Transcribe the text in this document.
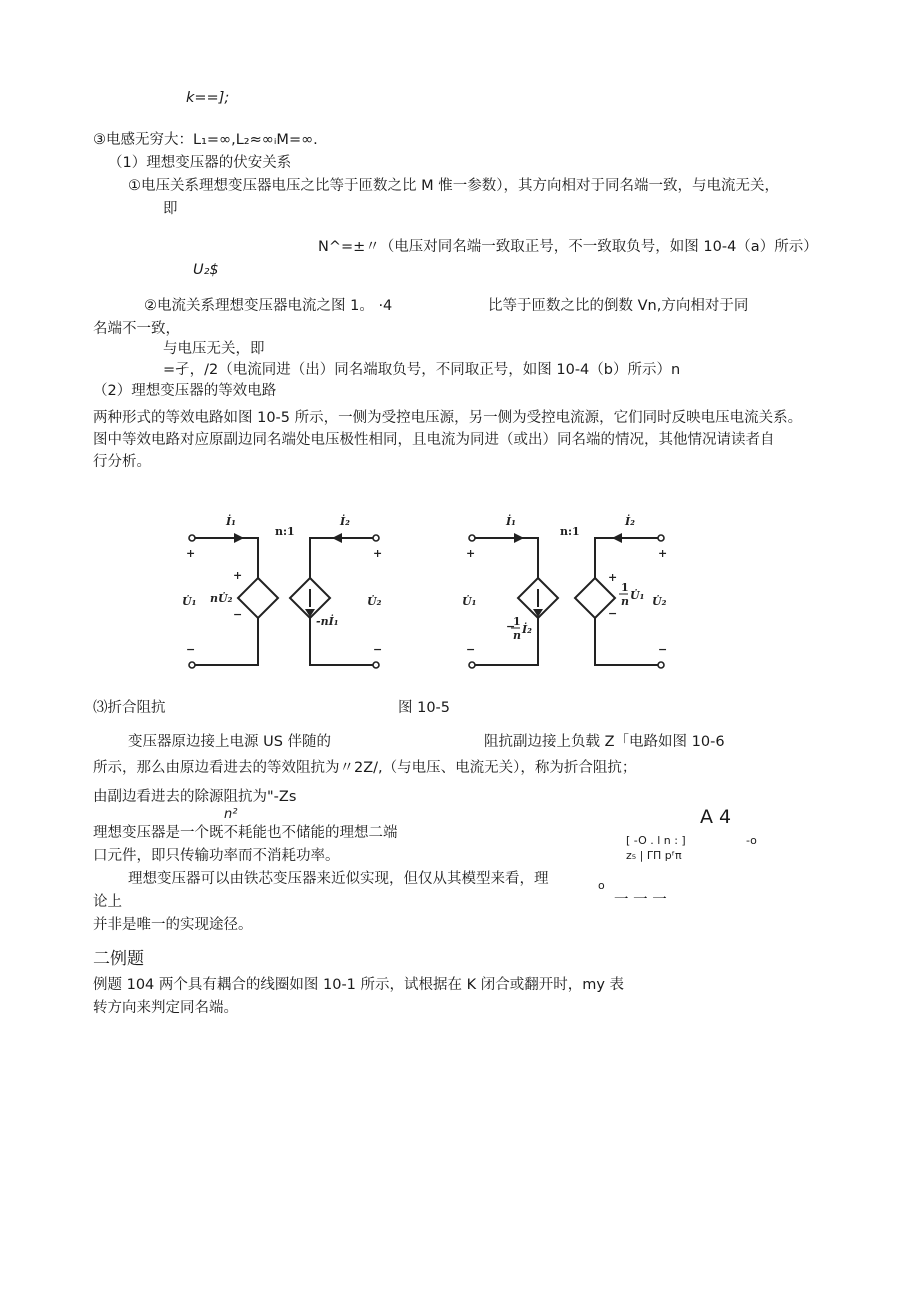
k==];
③电感无穷大：L₁=∞,L₂≈∞ᵢM=∞.
（1）理想变压器的伏安关系
①电压关系理想变压器电压之比等于匝数之比 M 惟一参数），其方向相对于同名端一致，与电流无关，
即
N^=±〃（电压对同名端一致取正号，不一致取负号，如图 10-4（a）所示）
U₂$
②电流关系理想变压器电流之图 1。 ·4	比等于匝数之比的倒数 Vn,方向相对于同
名端不一致，
与电压无关，即
=孑，/2（电流同进（出）同名端取负号，不同取正号，如图 10-4（b）所示）n
（2）理想变压器的等效电路
两种形式的等效电路如图 10-5 所示，一侧为受控电压源，另一侧为受控电流源，它们同时反映电压电流关系。
图中等效电路对应原副边同名端处电压极性相同，且电流为同进（或出）同名端的情况，其他情况请读者自
行分析。
İ₁
n:1
İ₂
+	+
U̇₁	U̇₂
−	−
+
nU̇₂
−
-nİ₁
İ₁
n:1
İ₂
+	+
U̇₁	U̇₂
−	−
−
1
n İ₂
+
1
n U̇₁
−
⑶折合阻抗	图 10-5
变压器原边接上电源 US 伴随的	阻抗副边接上负载 Z「电路如图 10-6
所示，那么由原边看进去的等效阻抗为〃2Z/,（与电压、电流无关），称为折合阻抗；
由副边看进去的除源阻抗为"-Zs
n²
理想变压器是一个既不耗能也不储能的理想二端
口元件，即只传输功率而不消耗功率。
理想变压器可以由铁芯变压器来近似实现，但仅从其模型来看，理
论上
并非是唯一的实现途径。
A 4
[ -O . l n : ]	-o
z₅ | ΓΠ pᶠπ
o
一 一 一
二例题
例题 104 两个具有耦合的线圈如图 10-1 所示，试根据在 K 闭合或翻开时，my 表
转方向来判定同名端。
